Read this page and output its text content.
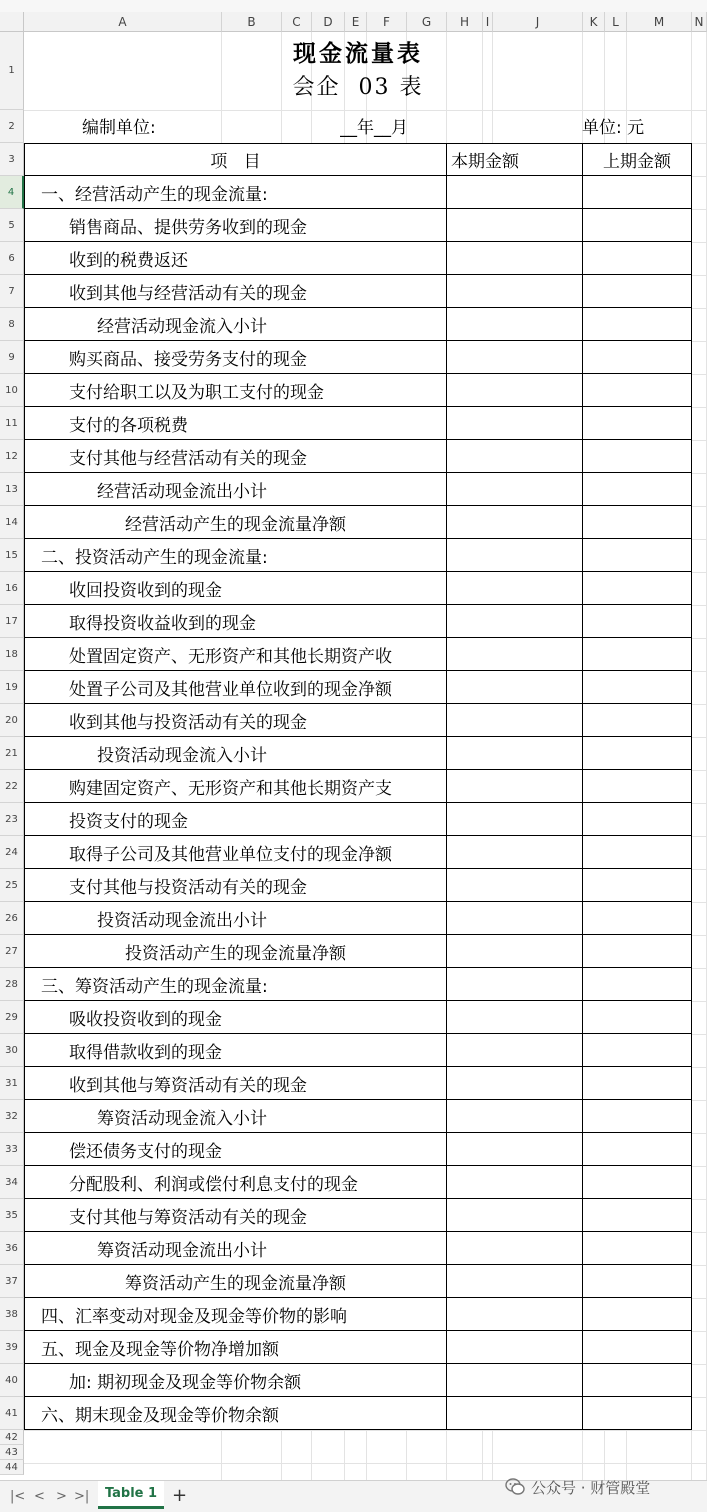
A	B	C	D	E	F	G	H	I	J	K	L	M	N
1
2
3
4
5
6
7
8
9
10
11
12
13
14
15
16
17
18
19
20
21
22
23
24
25
26
27
28
29
30
31
32
33
34
35
36
37
38
39
40
41
42
43
44
现金流量表
会企  03 表
编制单位:	__年__月	单位: 元
项   目	本期金额	上期金额
一、经营活动产生的现金流量:
销售商品、提供劳务收到的现金
收到的税费返还
收到其他与经营活动有关的现金
经营活动现金流入小计
购买商品、接受劳务支付的现金
支付给职工以及为职工支付的现金
支付的各项税费
支付其他与经营活动有关的现金
经营活动现金流出小计
经营活动产生的现金流量净额
二、投资活动产生的现金流量:
收回投资收到的现金
取得投资收益收到的现金
处置固定资产、无形资产和其他长期资产收
处置子公司及其他营业单位收到的现金净额
收到其他与投资活动有关的现金
投资活动现金流入小计
购建固定资产、无形资产和其他长期资产支
投资支付的现金
取得子公司及其他营业单位支付的现金净额
支付其他与投资活动有关的现金
投资活动现金流出小计
投资活动产生的现金流量净额
三、筹资活动产生的现金流量:
吸收投资收到的现金
取得借款收到的现金
收到其他与筹资活动有关的现金
筹资活动现金流入小计
偿还债务支付的现金
分配股利、利润或偿付利息支付的现金
支付其他与筹资活动有关的现金
筹资活动现金流出小计
筹资活动产生的现金流量净额
四、汇率变动对现金及现金等价物的影响
五、现金及现金等价物净增加额
加: 期初现金及现金等价物余额
六、期末现金及现金等价物余额
|< < > >|	Table 1 +	公众号 · 财管殿堂
